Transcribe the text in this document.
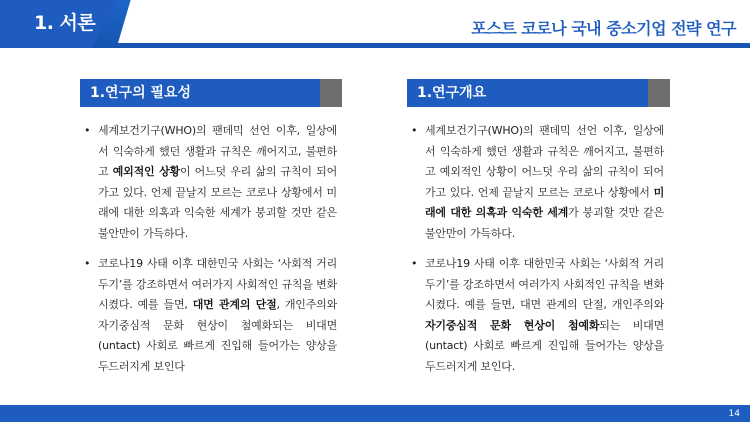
1. 서론	포스트 코로나 국내 중소기업 전략 연구
1.연구의 필요성	1.연구개요
• 세계보건기구(WHO)의 팬데믹 선언 이후, 일상에서 익숙하게 했던 생활과 규칙은 깨어지고, 불편하고 예외적인 상황이 어느덧 우리 삶의 규칙이 되어가고 있다. 언제 끝날지 모르는 코로나 상황에서 미래에 대한 의혹과 익숙한 세계가 붕괴할 것만 같은 불안만이 가득하다.
• 코로나19 사태 이후 대한민국 사회는 ‘사회적 거리두기’를 강조하면서 여러가지 사회적인 규칙을 변화시켰다. 예를 들면, 대면 관계의 단절, 개인주의와 자기중심적 문화 현상이 첨예화되는 비대면(untact) 사회로 빠르게 진입해 들어가는 양상을 두드러지게 보인다
• 세계보건기구(WHO)의 팬데믹 선언 이후, 일상에서 익숙하게 했던 생활과 규칙은 깨어지고, 불편하고 예외적인 상황이 어느덧 우리 삶의 규칙이 되어가고 있다. 언제 끝날지 모르는 코로나 상황에서 미래에 대한 의혹과 익숙한 세계가 붕괴할 것만 같은 불안만이 가득하다.
• 코로나19 사태 이후 대한민국 사회는 ‘사회적 거리두기’를 강조하면서 여러가지 사회적인 규칙을 변화시켰다. 예를 들면, 대면 관계의 단절, 개인주의와 자기중심적 문화 현상이 첨예화되는 비대면(untact) 사회로 빠르게 진입해 들어가는 양상을 두드러지게 보인다.
14
